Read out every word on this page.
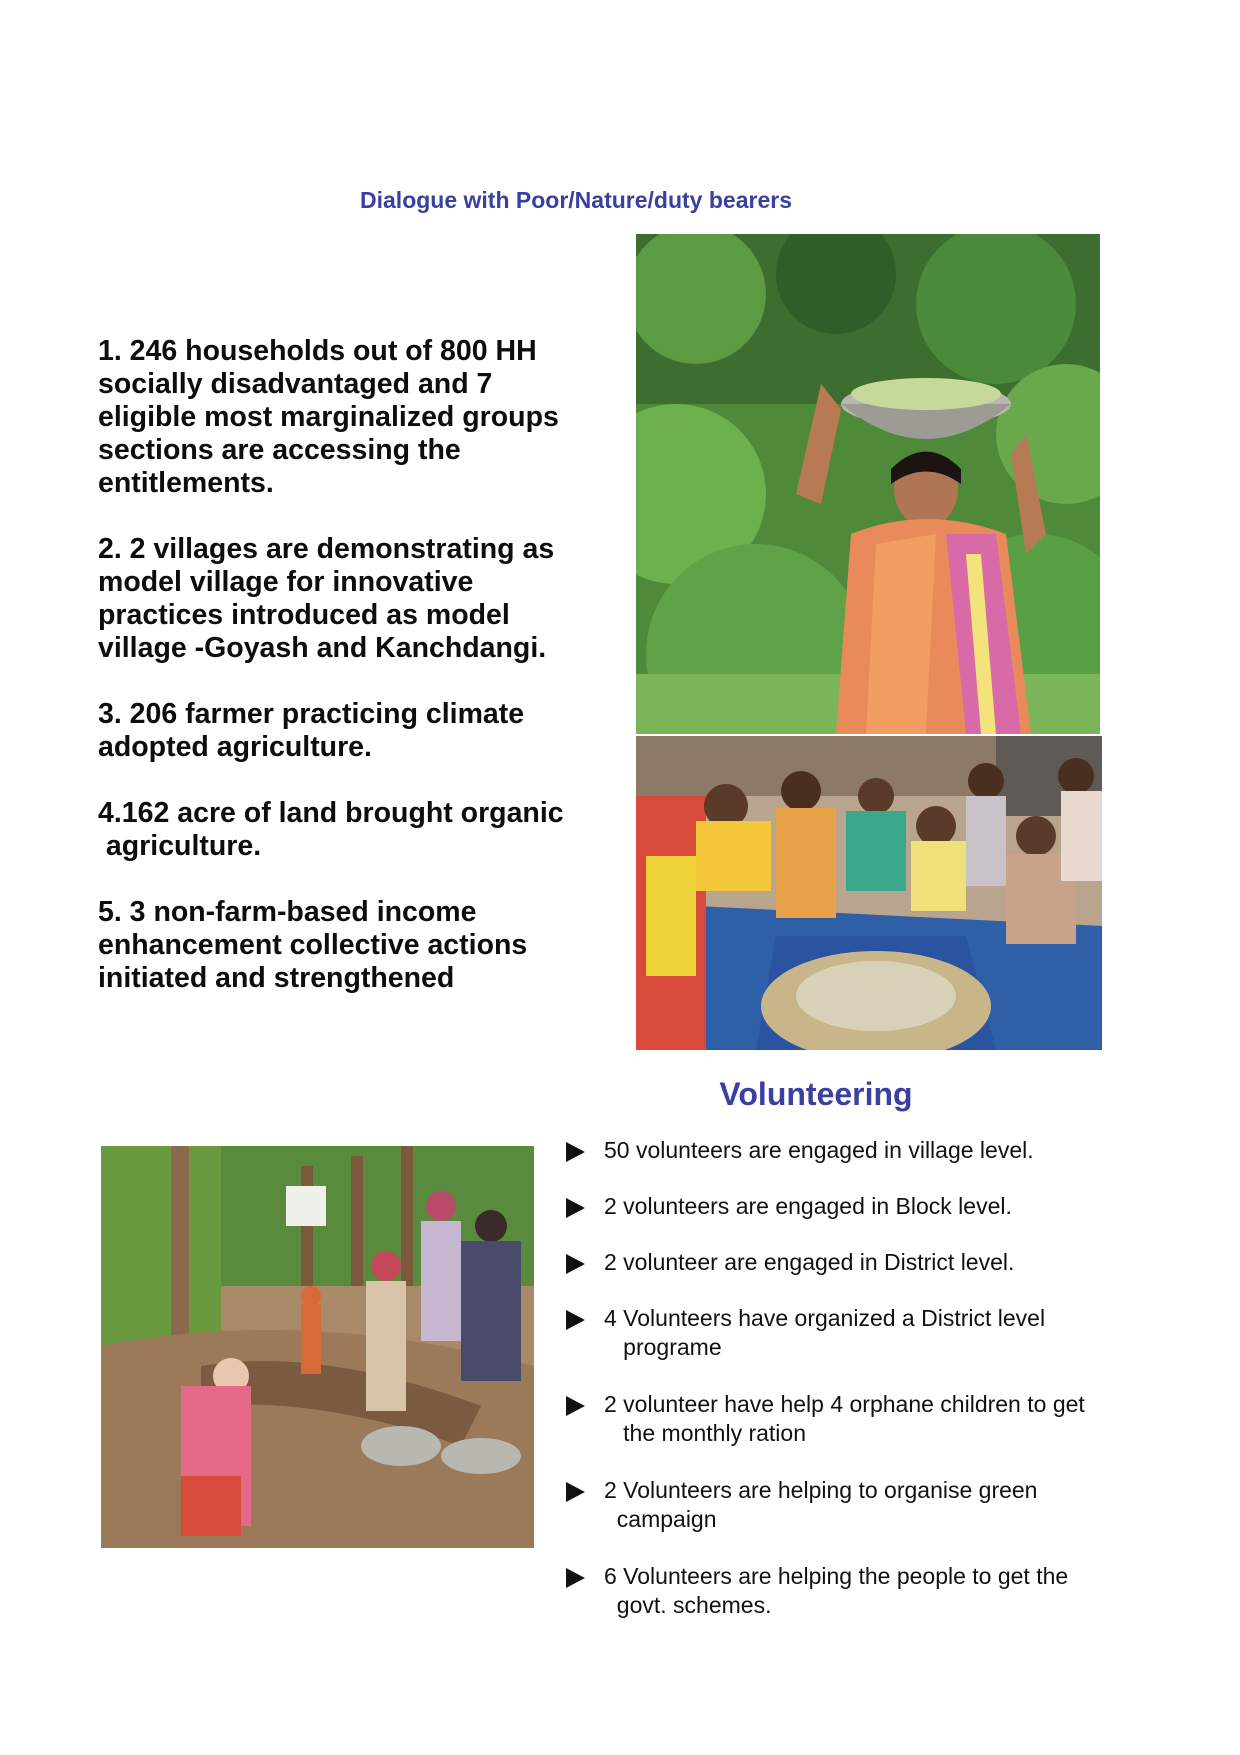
Dialogue with Poor/Nature/duty bearers

1. 246 households out of 800 HH
socially disadvantaged and 7
eligible most marginalized groups
sections are accessing the
entitlements.

2. 2 villages are demonstrating as
model village for innovative
practices introduced as model
village -Goyash and Kanchdangi.

3. 206 farmer practicing climate
adopted agriculture.

4.162 acre of land brought organic
agriculture.

5. 3 non-farm-based income
enhancement collective actions
initiated and strengthened

Volunteering
50 volunteers are engaged in village level.
2 volunteers are engaged in Block level.
2 volunteer are engaged in District level.
4 Volunteers have organized a District level
programe
2 volunteer have help 4 orphane children to get
the monthly ration
2 Volunteers are helping to organise green
campaign
6 Volunteers are helping the people to get the
govt. schemes.
